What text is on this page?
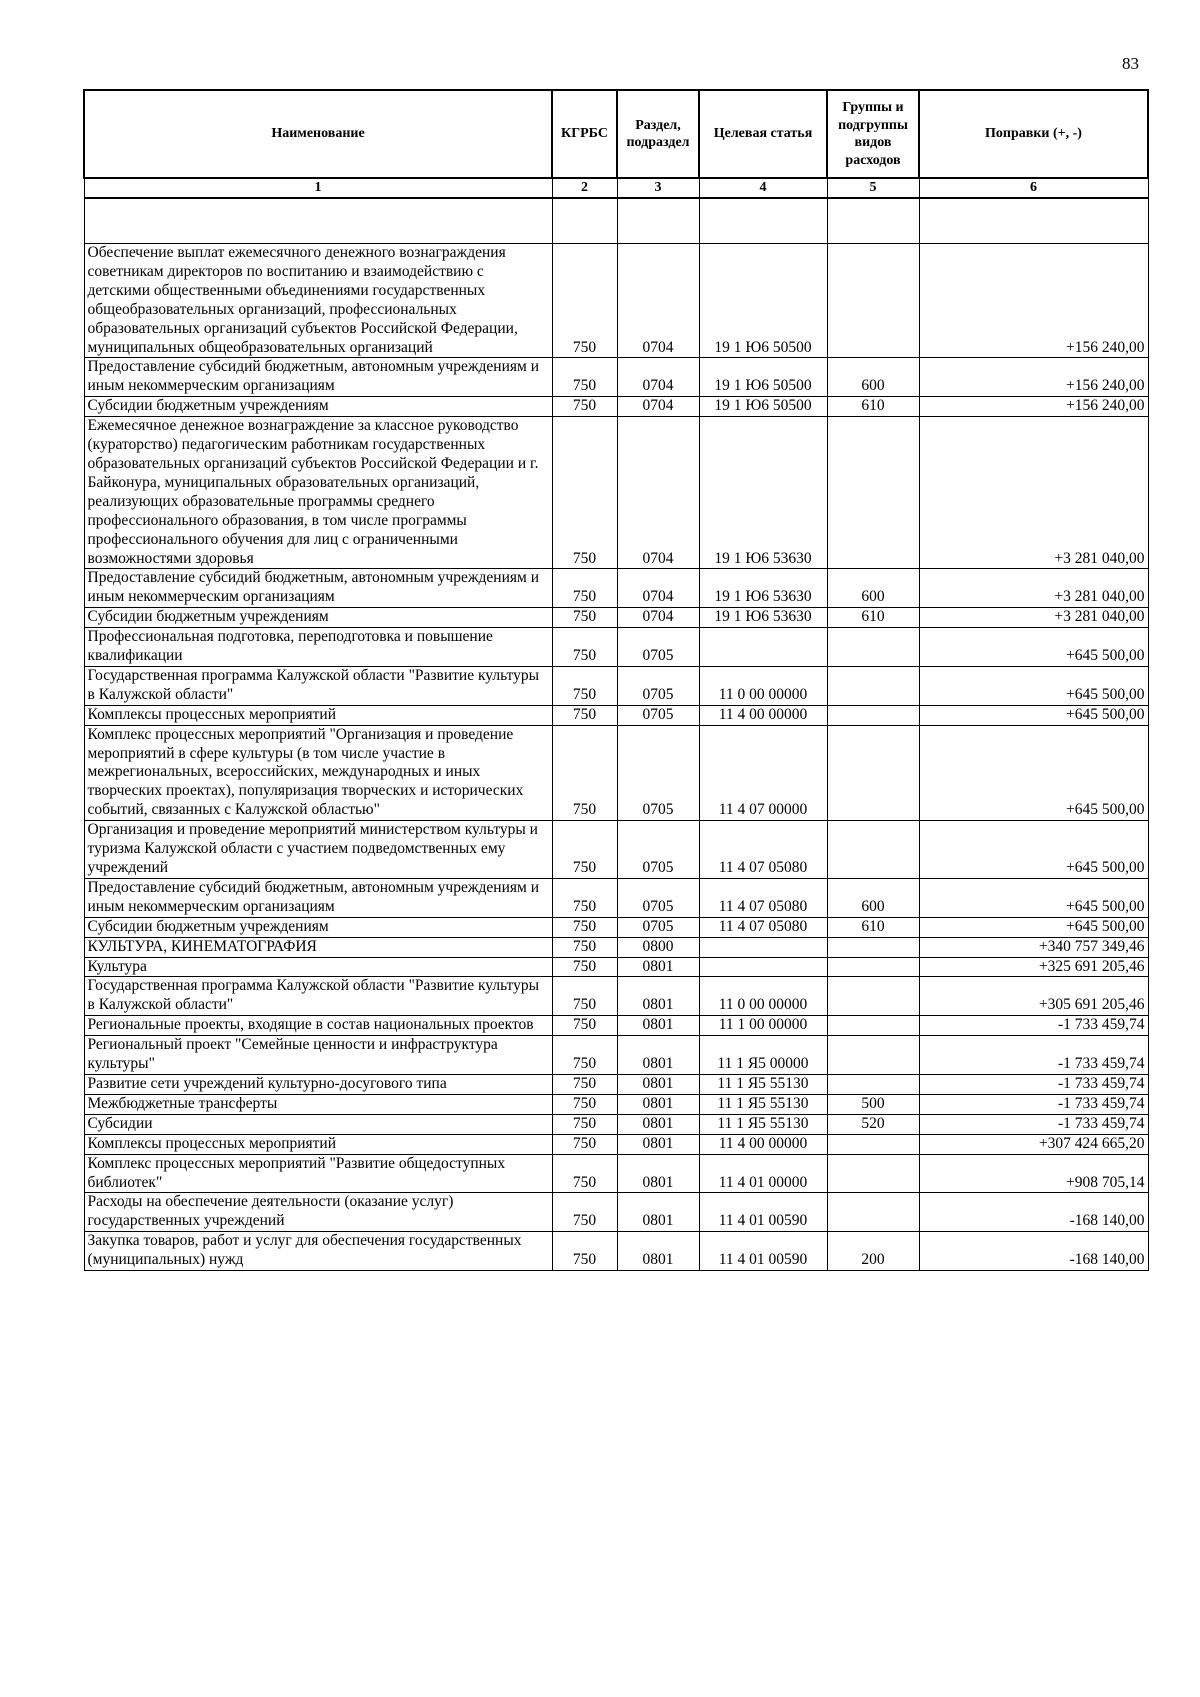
83
Наименование	КГРБС	Раздел, подраздел	Целевая статья	Группы и подгруппы видов расходов	Поправки (+, -)
1	2	3	4	5	6

Обеспечение выплат ежемесячного денежного вознаграждения советникам директоров по воспитанию и взаимодействию с детскими общественными объединениями государственных общеобразовательных организаций, профессиональных образовательных организаций субъектов Российской Федерации, муниципальных общеобразовательных организаций	750	0704	19 1 Ю6 50500		+156 240,00
Предоставление субсидий бюджетным, автономным учреждениям и иным некоммерческим организациям	750	0704	19 1 Ю6 50500	600	+156 240,00
Субсидии бюджетным учреждениям	750	0704	19 1 Ю6 50500	610	+156 240,00
Ежемесячное денежное вознаграждение за классное руководство (кураторство) педагогическим работникам государственных образовательных организаций субъектов Российской Федерации и г. Байконура, муниципальных образовательных организаций, реализующих образовательные программы среднего профессионального образования, в том числе программы профессионального обучения для лиц с ограниченными возможностями здоровья	750	0704	19 1 Ю6 53630		+3 281 040,00
Предоставление субсидий бюджетным, автономным учреждениям и иным некоммерческим организациям	750	0704	19 1 Ю6 53630	600	+3 281 040,00
Субсидии бюджетным учреждениям	750	0704	19 1 Ю6 53630	610	+3 281 040,00
Профессиональная подготовка, переподготовка и повышение квалификации	750	0705			+645 500,00
Государственная программа Калужской области "Развитие культуры в Калужской области"	750	0705	11 0 00 00000		+645 500,00
Комплексы процессных мероприятий	750	0705	11 4 00 00000		+645 500,00
Комплекс процессных мероприятий "Организация и проведение мероприятий в сфере культуры (в том числе участие в межрегиональных, всероссийских, международных и иных творческих проектах), популяризация творческих и исторических событий, связанных с Калужской областью"	750	0705	11 4 07 00000		+645 500,00
Организация и проведение мероприятий министерством культуры и туризма Калужской области с участием подведомственных ему учреждений	750	0705	11 4 07 05080		+645 500,00
Предоставление субсидий бюджетным, автономным учреждениям и иным некоммерческим организациям	750	0705	11 4 07 05080	600	+645 500,00
Субсидии бюджетным учреждениям	750	0705	11 4 07 05080	610	+645 500,00
КУЛЬТУРА, КИНЕМАТОГРАФИЯ	750	0800			+340 757 349,46
Культура	750	0801			+325 691 205,46
Государственная программа Калужской области "Развитие культуры в Калужской области"	750	0801	11 0 00 00000		+305 691 205,46
Региональные проекты, входящие в состав национальных проектов	750	0801	11 1 00 00000		-1 733 459,74
Региональный проект "Семейные ценности и инфраструктура культуры"	750	0801	11 1 Я5 00000		-1 733 459,74
Развитие сети учреждений культурно-досугового типа	750	0801	11 1 Я5 55130		-1 733 459,74
Межбюджетные трансферты	750	0801	11 1 Я5 55130	500	-1 733 459,74
Субсидии	750	0801	11 1 Я5 55130	520	-1 733 459,74
Комплексы процессных мероприятий	750	0801	11 4 00 00000		+307 424 665,20
Комплекс процессных мероприятий "Развитие общедоступных библиотек"	750	0801	11 4 01 00000		+908 705,14
Расходы на обеспечение деятельности (оказание услуг) государственных учреждений	750	0801	11 4 01 00590		-168 140,00
Закупка товаров, работ и услуг для обеспечения государственных (муниципальных) нужд	750	0801	11 4 01 00590	200	-168 140,00
